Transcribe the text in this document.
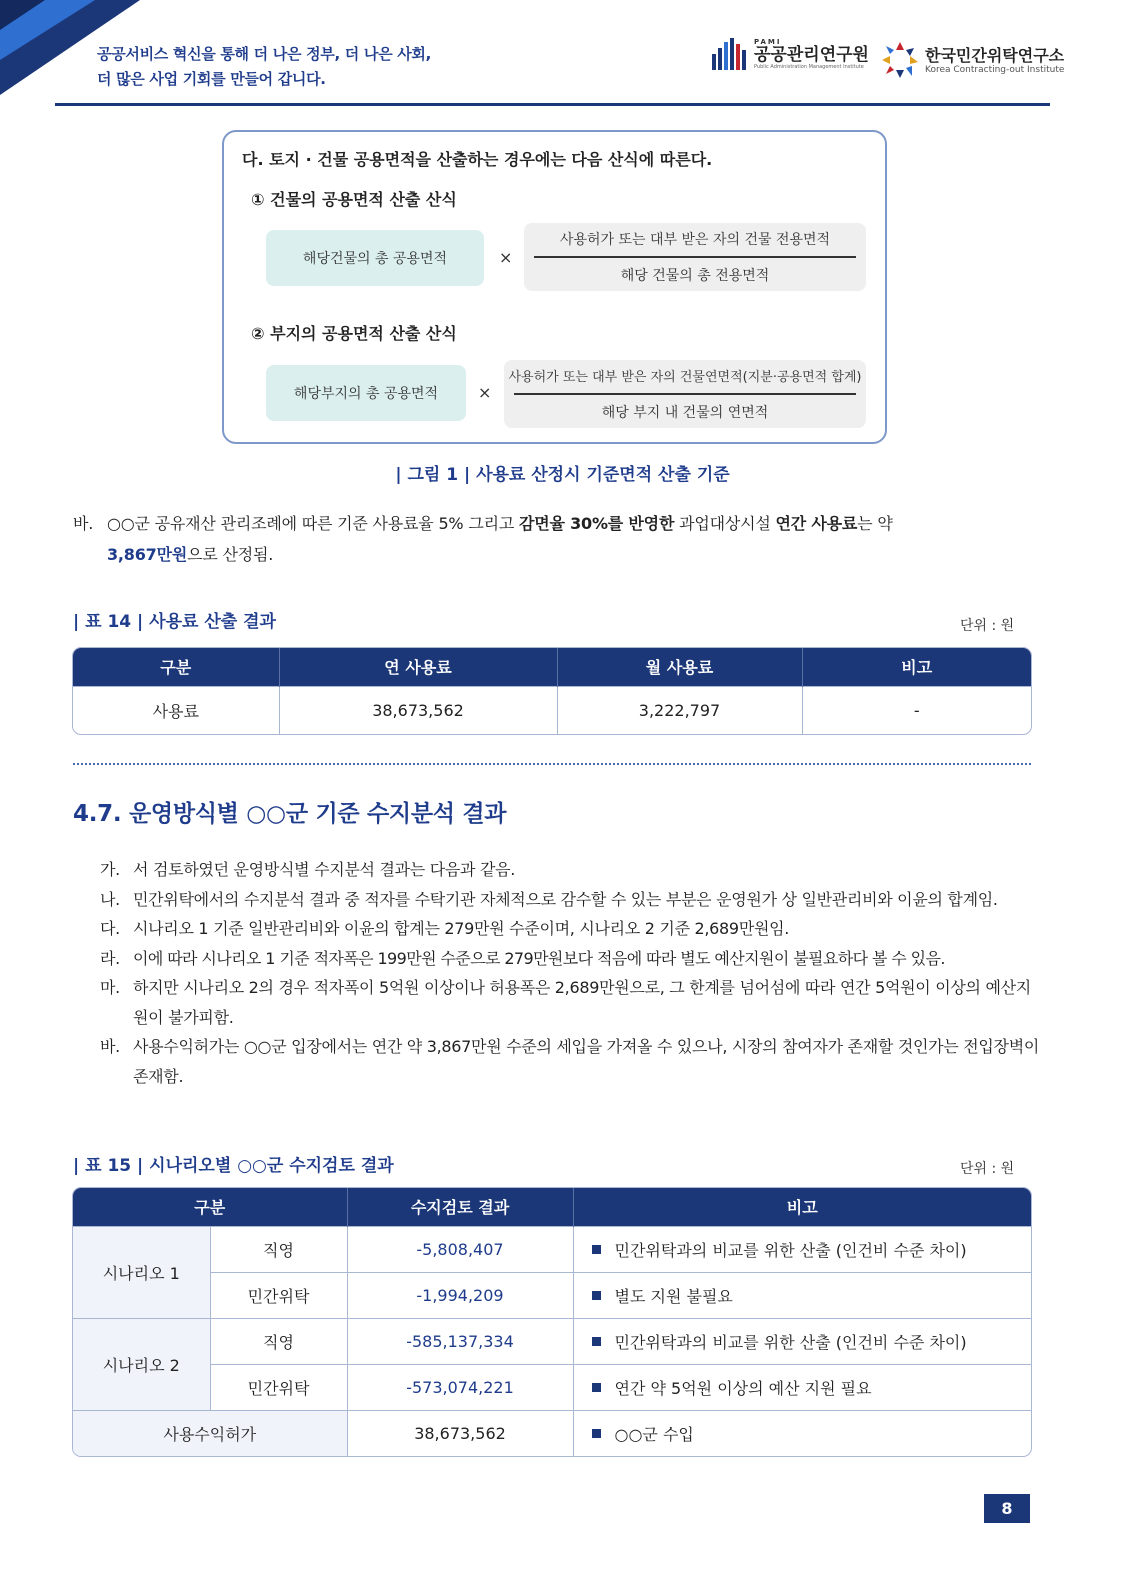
공공서비스 혁신을 통해 더 나은 정부, 더 나은 사회,
더 많은 사업 기회를 만들어 갑니다.
PAMI
공공관리연구원
Public Administration Management Institute
한국민간위탁연구소
Korea Contracting-out Institute
다. 토지 · 건물 공용면적을 산출하는 경우에는 다음 산식에 따른다.
① 건물의 공용면적 산출 산식
해당건물의 총 공용면적	×
사용허가 또는 대부 받은 자의 건물 전용면적
해당 건물의 총 전용면적
② 부지의 공용면적 산출 산식
해당부지의 총 공용면적	×
사용허가 또는 대부 받은 자의 건물연면적(지분·공용면적 합계)
해당 부지 내 건물의 연면적
| 그림 1 | 사용료 산정시 기준면적 산출 기준
바. ○○군 공유재산 관리조례에 따른 기준 사용료율 5% 그리고 감면율 30%를 반영한 과업대상시설 연간 사용료는 약
3,867만원으로 산정됨.
| 표 14 | 사용료 산출 결과	단위 : 원
구분	연 사용료	월 사용료	비고
사용료	38,673,562	3,222,797	-
4.7. 운영방식별 ○○군 기준 수지분석 결과
가. 서 검토하였던 운영방식별 수지분석 결과는 다음과 같음.
나. 민간위탁에서의 수지분석 결과 중 적자를 수탁기관 자체적으로 감수할 수 있는 부분은 운영원가 상 일반관리비와 이윤의 합계임.
다. 시나리오 1 기준 일반관리비와 이윤의 합계는 279만원 수준이며, 시나리오 2 기준 2,689만원임.
라. 이에 따라 시나리오 1 기준 적자폭은 199만원 수준으로 279만원보다 적음에 따라 별도 예산지원이 불필요하다 볼 수 있음.
마. 하지만 시나리오 2의 경우 적자폭이 5억원 이상이나 허용폭은 2,689만원으로, 그 한계를 넘어섬에 따라 연간 5억원이 이상의 예산지원이 불가피함.
바. 사용수익허가는 ○○군 입장에서는 연간 약 3,867만원 수준의 세입을 가져올 수 있으나, 시장의 참여자가 존재할 것인가는 전입장벽이 존재함.
| 표 15 | 시나리오별 ○○군 수지검토 결과	단위 : 원
구분		수지검토 결과	비고
시나리오 1	직영	-5,808,407	민간위탁과의 비교를 위한 산출 (인건비 수준 차이)
	민간위탁	-1,994,209	별도 지원 불필요
시나리오 2	직영	-585,137,334	민간위탁과의 비교를 위한 산출 (인건비 수준 차이)
	민간위탁	-573,074,221	연간 약 5억원 이상의 예산 지원 필요
사용수익허가		38,673,562	○○군 수입
8
